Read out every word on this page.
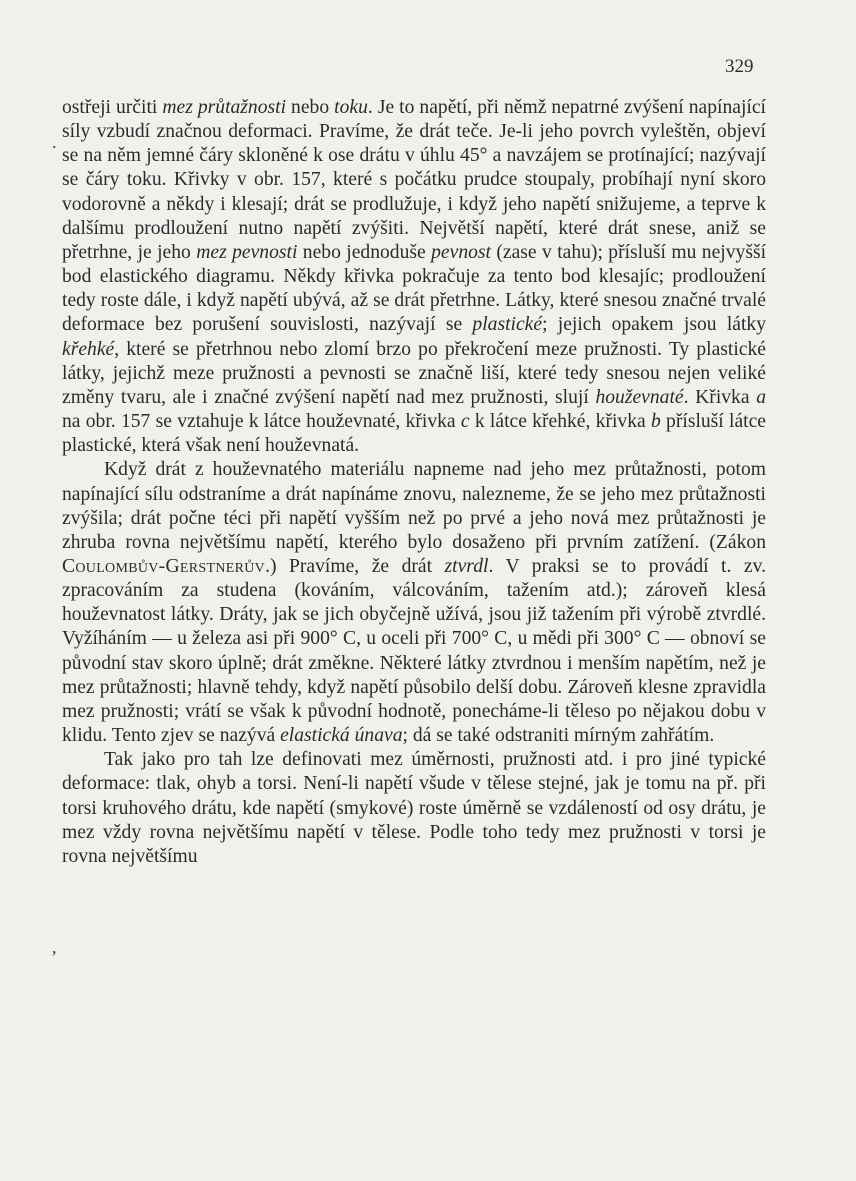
329
.
,

ostřeji určiti mez průtažnosti nebo toku. Je to napětí, při němž nepatrné zvýšení napínající síly vzbudí značnou deformaci. Pravíme, že drát teče. Je-li jeho povrch vyleštěn, objeví se na něm jemné čáry skloněné k ose drátu v úhlu 45° a navzájem se protínající; nazývají se čáry toku. Křivky v obr. 157, které s počátku prudce stoupaly, probíhají nyní skoro vodorovně a někdy i klesají; drát se prodlužuje, i když jeho napětí snižujeme, a teprve k dalšímu prodloužení nutno napětí zvýšiti. Největší napětí, které drát snese, aniž se přetrhne, je jeho mez pevnosti nebo jednoduše pevnost (zase v tahu); přísluší mu nejvyšší bod elastického diagramu. Někdy křivka pokračuje za tento bod klesajíc; prodloužení tedy roste dále, i když napětí ubývá, až se drát přetrhne. Látky, které snesou značné trvalé deformace bez porušení souvislosti, nazývají se plastické; jejich opakem jsou látky křehké, které se přetrhnou nebo zlomí brzo po překročení meze pružnosti. Ty plastické látky, jejichž meze pružnosti a pevnosti se značně liší, které tedy snesou nejen veliké změny tvaru, ale i značné zvýšení napětí nad mez pružnosti, slují houževnaté. Křivka a na obr. 157 se vztahuje k látce houževnaté, křivka c k látce křehké, křivka b přísluší látce plastické, která však není houževnatá.

Když drát z houževnatého materiálu napneme nad jeho mez průtažnosti, potom napínající sílu odstraníme a drát napínáme znovu, nalezneme, že se jeho mez průtažnosti zvýšila; drát počne téci při napětí vyšším než po prvé a jeho nová mez průtažnosti je zhruba rovna největšímu napětí, kterého bylo dosaženo při prvním zatížení. (Zákon Coulombův-Gerstnerův.) Pravíme, že drát ztvrdl. V praksi se to provádí t. zv. zpracováním za studena (kováním, válcováním, tažením atd.); zároveň klesá houževnatost látky. Dráty, jak se jich obyčejně užívá, jsou již tažením při výrobě ztvrdlé. Vyžíháním — u železa asi při 900° C, u oceli při 700° C, u mědi při 300° C — obnoví se původní stav skoro úplně; drát změkne. Některé látky ztvrdnou i menším napětím, než je mez průtažnosti; hlavně tehdy, když napětí působilo delší dobu. Zároveň klesne zpravidla mez pružnosti; vrátí se však k původní hodnotě, ponecháme-li těleso po nějakou dobu v klidu. Tento zjev se nazývá elastická únava; dá se také odstraniti mírným zahřátím.

Tak jako pro tah lze definovati mez úměrnosti, pružnosti atd. i pro jiné typické deformace: tlak, ohyb a torsi. Není-li napětí všude v tělese stejné, jak je tomu na př. při torsi kruhového drátu, kde napětí (smykové) roste úměrně se vzdáleností od osy drátu, je mez vždy rovna největšímu napětí v tělese. Podle toho tedy mez pružnosti v torsi je rovna největšímu
